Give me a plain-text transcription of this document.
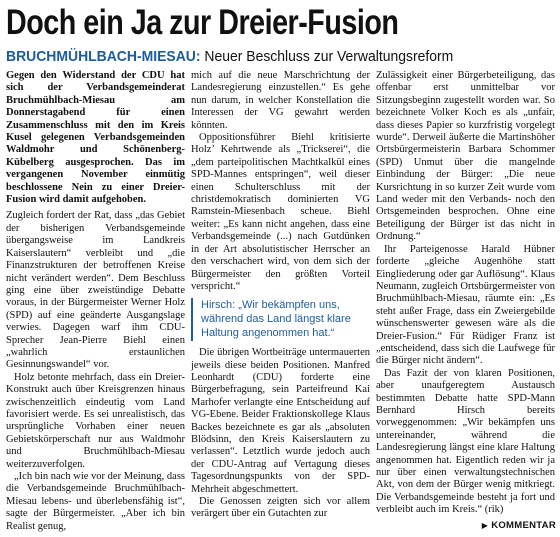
Doch ein Ja zur Dreier-Fusion
BRUCHMÜHLBACH-MIESAU: Neuer Beschluss zur Verwaltungsreform

Gegen den Widerstand der CDU hat sich der Verbandsgemeinderat Bruchmühlbach-Miesau am Donnerstagabend für einen Zusammenschluss mit den im Kreis Kusel gelegenen Verbandsgemeinden Waldmohr und Schönenberg-Kübelberg ausgesprochen. Das im vergangenen November einmütig beschlossene Nein zu einer Dreier-Fusion wird damit aufgehoben.

Zugleich fordert der Rat, dass „das Gebiet der bisherigen Verbandsgemeinde übergangsweise im Landkreis Kaiserslautern“ verbleibt und „die Finanzstrukturen der betroffenen Kreise nicht verändert werden“. Dem Beschluss ging eine über zweistündige Debatte voraus, in der Bürgermeister Werner Holz (SPD) auf eine geänderte Ausgangslage verwies. Dagegen warf ihm CDU-Sprecher Jean-Pierre Biehl einen „wahrlich erstaunlichen Gesinnungswandel“ vor.

Holz betonte mehrfach, dass ein Dreier-Konstrukt auch über Kreisgrenzen hinaus zwischenzeitlich eindeutig vom Land favorisiert werde. Es sei unrealistisch, das ursprüngliche Vorhaben einer neuen Gebietskörperschaft nur aus Waldmohr und Bruchmühlbach-Miesau weiterzuverfolgen.

„Ich bin nach wie vor der Meinung, dass die Verbandsgemeinde Bruchmühlbach-Miesau lebens- und überlebensfähig ist“, sagte der Bürgermeister. „Aber ich bin Realist genug,

mich auf die neue Marschrichtung der Landesregierung einzustellen.“ Es gehe nun darum, in welcher Konstellation die Interessen der VG gewahrt werden könnten.

Oppositionsführer Biehl kritisierte Holz’ Kehrtwende als „Trickserei“, die „dem parteipolitischen Machtkalkül eines SPD-Mannes entspringen“, weil dieser einen Schulterschluss mit der christdemokratisch dominierten VG Ramstein-Miesenbach scheue. Biehl weiter: „Es kann nicht angehen, dass eine Verbandsgemeinde (...) nach Gutdünken in der Art absolutistischer Herrscher an den verschachert wird, von dem sich der Bürgermeister den größten Vorteil verspricht.“

Hirsch: „Wir bekämpfen uns, während das Land längst klare Haltung angenommen hat.“

Die übrigen Wortbeiträge untermauerten jeweils diese beiden Positionen. Manfred Leonhardt (CDU) forderte eine Bürgerbefragung, sein Parteifreund Kai Marhofer verlangte eine Entscheidung auf VG-Ebene. Beider Fraktionskollege Klaus Backes bezeichnete es gar als „absoluten Blödsinn, den Kreis Kaiserslautern zu verlassen“. Letztlich wurde jedoch auch der CDU-Antrag auf Vertagung dieses Tagesordnungspunkts von der SPD-Mehrheit abgeschmettert.

Die Genossen zeigten sich vor allem verärgert über ein Gutachten zur

Zulässigkeit einer Bürgerbeteiligung, das offenbar erst unmittelbar vor Sitzungsbeginn zugestellt worden war. So bezeichnete Volker Koch es als „unfair, dass dieses Papier so kurzfristig vorgelegt wurde“. Derweil äußerte die Martinshöher Ortsbürgermeisterin Barbara Schommer (SPD) Unmut über die mangelnde Einbindung der Bürger: „Die neue Kursrichtung in so kurzer Zeit wurde vom Land weder mit den Verbands- noch den Ortsgemeinden besprochen. Ohne eine Beteiligung der Bürger ist das nicht in Ordnung.“

Ihr Parteigenosse Harald Hübner forderte „gleiche Augenhöhe statt Eingliederung oder gar Auflösung“. Klaus Neumann, zugleich Ortsbürgermeister von Bruchmühlbach-Miesau, räumte ein: „Es steht außer Frage, dass ein Zweiergebilde wünschenswerter gewesen wäre als die Dreier-Fusion.“ Für Rüdiger Franz ist „entscheidend, dass sich die Laufwege für die Bürger nicht ändern“.

Das Fazit der von klaren Positionen, aber unaufgeregtem Austausch bestimmten Debatte hatte SPD-Mann Bernhard Hirsch bereits vorweggenommen: „Wir bekämpfen uns untereinander, während die Landesregierung längst eine klare Haltung angenommen hat. Eigentlich reden wir ja nur über einen verwaltungstechnischen Akt, von dem der Bürger wenig mitkriegt. Die Verbandsgemeinde besteht ja fort und verbleibt auch im Kreis.“ (rik)

▶ KOMMENTAR
